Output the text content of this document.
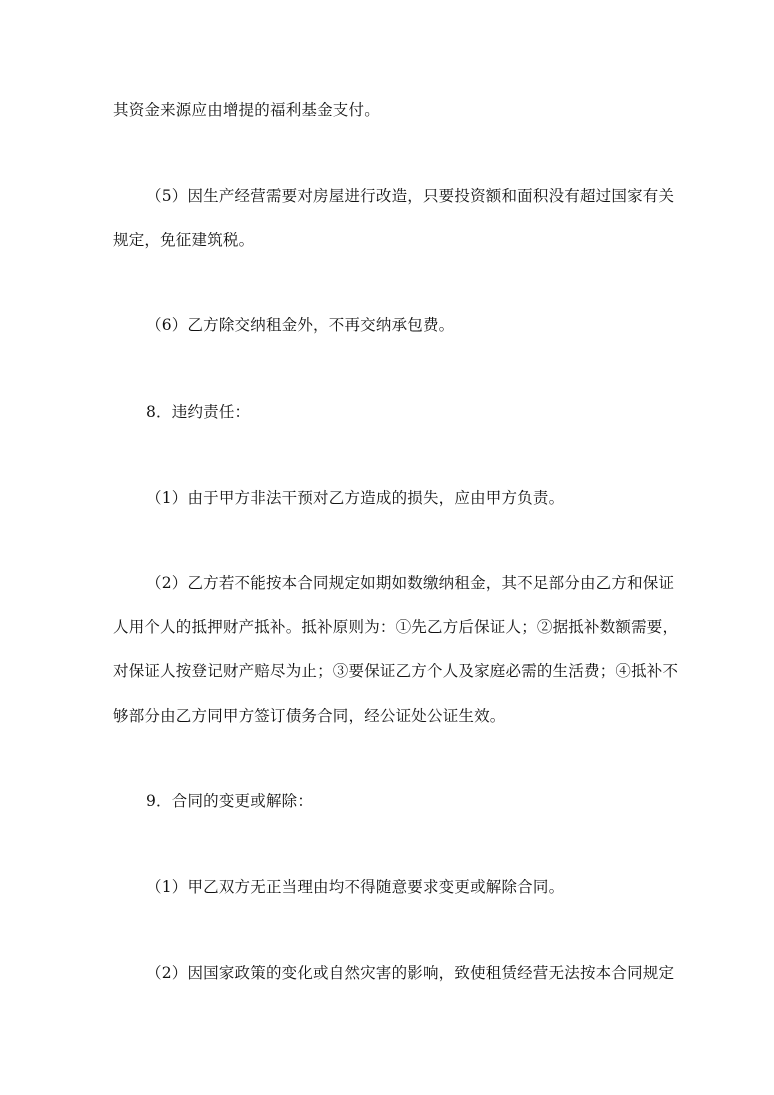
其资金来源应由增提的福利基金支付。
（5）因生产经营需要对房屋进行改造，只要投资额和面积没有超过国家有关
规定，免征建筑税。
（6）乙方除交纳租金外，不再交纳承包费。
8．违约责任：
（1）由于甲方非法干预对乙方造成的损失，应由甲方负责。
（2）乙方若不能按本合同规定如期如数缴纳租金，其不足部分由乙方和保证
人用个人的抵押财产抵补。抵补原则为：①先乙方后保证人；②据抵补数额需要，
对保证人按登记财产赔尽为止；③要保证乙方个人及家庭必需的生活费；④抵补不
够部分由乙方同甲方签订债务合同，经公证处公证生效。
9．合同的变更或解除：
（1）甲乙双方无正当理由均不得随意要求变更或解除合同。
（2）因国家政策的变化或自然灾害的影响，致使租赁经营无法按本合同规定
